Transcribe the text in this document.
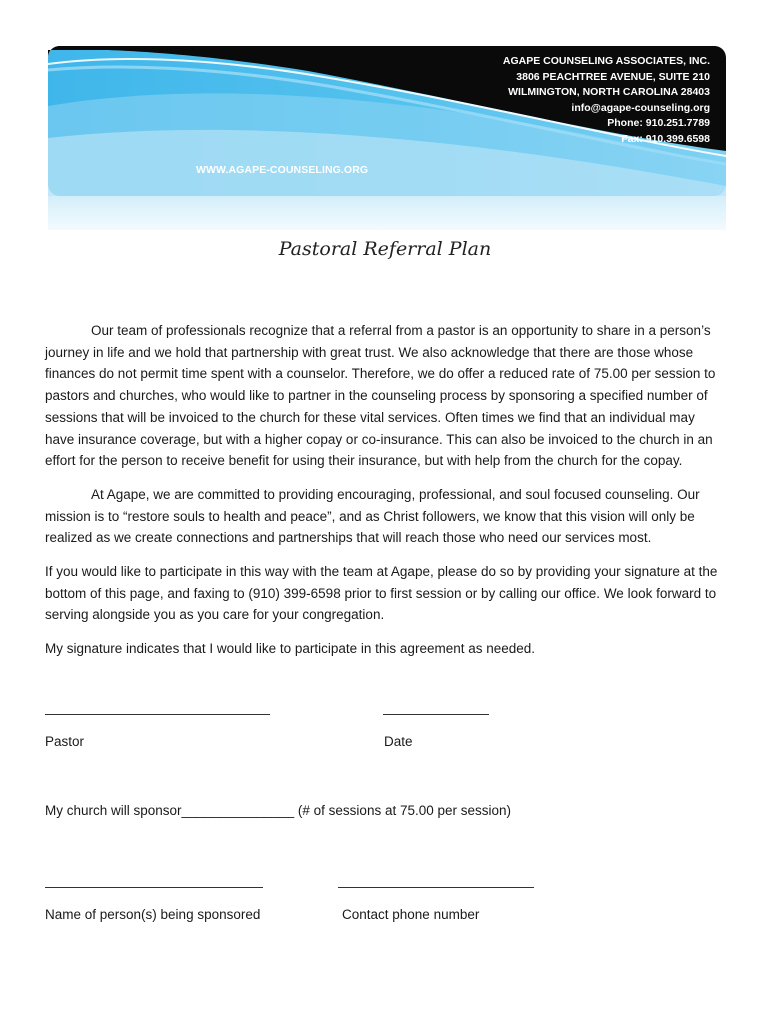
AGAPE COUNSELING ASSOCIATES, INC.
3806 PEACHTREE AVENUE, SUITE 210
WILMINGTON, NORTH CAROLINA 28403
info@agape-counseling.org
Phone: 910.251.7789
Fax: 910.399.6598
WWW.AGAPE-COUNSELING.ORG
Pastoral Referral Plan

Our team of professionals recognize that a referral from a pastor is an opportunity to share in a person’s journey in life and we hold that partnership with great trust. We also acknowledge that there are those whose finances do not permit time spent with a counselor. Therefore, we do offer a reduced rate of 75.00 per session to pastors and churches, who would like to partner in the counseling process by sponsoring a specified number of sessions that will be invoiced to the church for these vital services. Often times we find that an individual may have insurance coverage, but with a higher copay or co-insurance. This can also be invoiced to the church in an effort for the person to receive benefit for using their insurance, but with help from the church for the copay.

At Agape, we are committed to providing encouraging, professional, and soul focused counseling. Our mission is to “restore souls to health and peace”, and as Christ followers, we know that this vision will only be realized as we create connections and partnerships that will reach those who need our services most.

If you would like to participate in this way with the team at Agape, please do so by providing your signature at the bottom of this page, and faxing to (910) 399-6598 prior to first session or by calling our office. We look forward to serving alongside you as you care for your congregation.

My signature indicates that I would like to participate in this agreement as needed.

Pastor	Date
My church will sponsor_______________ (# of sessions at 75.00 per session)
Name of person(s) being sponsored	Contact phone number
